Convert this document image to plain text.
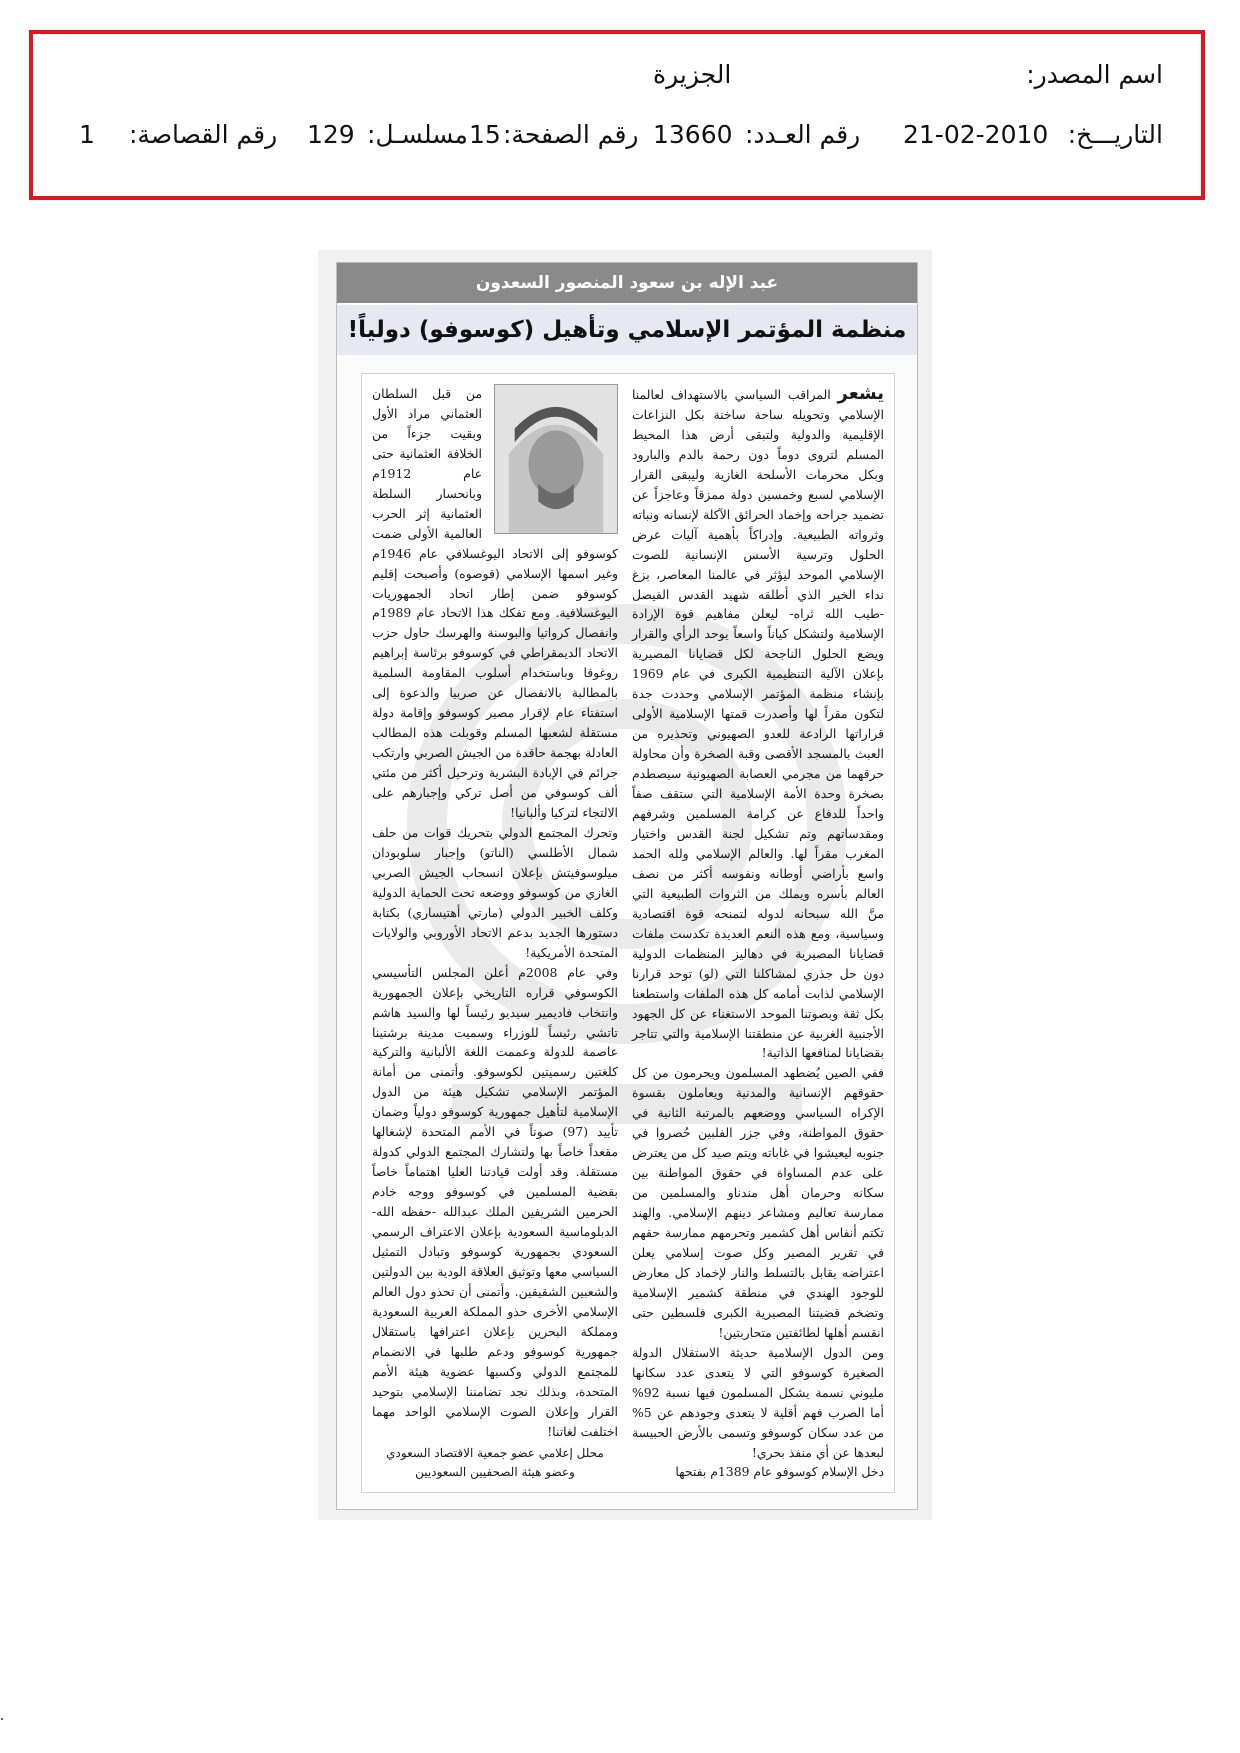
اسم المصدر:
الجزيرة
التاريـــخ:
21-02-2010
رقم العـدد:
13660
رقم الصفحة:
15
مسلسـل:
129
رقم القصاصة:
1
عبد الإله بن سعود المنصور السعدون
منظمة المؤتمر الإسلامي وتأهيل (كوسوفو) دولياً!

يشعر المراقب السياسي بالاستهداف لعالمنا الإسلامي وتحويله ساحة ساخنة بكل النزاعات الإقليمية والدولية ولتبقى أرض هذا المحيط المسلم لتروى دوماً دون رحمة بالدم والبارود وبكل محرمات الأسلحة الغازية وليبقى القرار الإسلامي لسبع وخمسين دولة ممزقاً وعاجزاً عن تضميد جراحه وإخماد الحرائق الآكلة لإنسانه ونباته وثرواته الطبيعية. وإدراكاً بأهمية آليات عرض الحلول وترسية الأسس الإنسانية للصوت الإسلامي الموحد ليؤثر في عالمنا المعاصر، بزغ نداء الخير الذي أطلقه شهيد القدس الفيصل -طيب الله ثراه- ليعلن مفاهيم قوة الإرادة الإسلامية ولتشكل كياناً واسعاً يوحد الرأي والقرار ويضع الحلول الناجحة لكل قضايانا المصيرية بإعلان الآلية التنظيمية الكبرى في عام 1969 بإنشاء منظمة المؤتمر الإسلامي وحددت جدة لتكون مقراً لها وأصدرت قمتها الإسلامية الأولى قراراتها الرادعة للعدو الصهيوني وتحذيره من العبث بالمسجد الأقصى وقبة الصخرة وأن محاولة حرقهما من مجرمي العصابة الصهيونية سيصطدم بصخرة وحدة الأمة الإسلامية التي ستقف صفاً واحداً للدفاع عن كرامة المسلمين وشرفهم ومقدساتهم وتم تشكيل لجنة القدس واختيار المغرب مقراً لها. والعالم الإسلامي ولله الحمد واسع بأراضي أوطانه ونفوسه أكثر من نصف العالم بأسره ويملك من الثروات الطبيعية التي منَّ الله سبحانه لدوله لتمنحه قوة اقتصادية وسياسية، ومع هذه النعم العديدة تكدست ملفات قضايانا المصيرية في دهاليز المنظمات الدولية دون حل جذري لمشاكلنا التي (لو) توحد قرارنا الإسلامي لذابت أمامه كل هذه الملفات واستطعنا بكل ثقة وبصوتنا الموحد الاستغناء عن كل الجهود الأجنبية الغربية عن منطقتنا الإسلامية والتي تتاجر بقضايانا لمنافعها الذاتية!

ففي الصين يُضطهد المسلمون ويحرمون من كل حقوقهم الإنسانية والمدنية ويعاملون بقسوة الإكراه السياسي ووضعهم بالمرتبة الثانية في حقوق المواطنة، وفي جزر الفلبين حُصروا في جنوبه ليعيشوا في غاباته ويتم صيد كل من يعترض على عدم المساواة في حقوق المواطنة بين سكانه وحرمان أهل مندناو والمسلمين من ممارسة تعاليم ومشاعر دينهم الإسلامي. والهند تكتم أنفاس أهل كشمير وتحرمهم ممارسة حقهم في تقرير المصير وكل صوت إسلامي يعلن اعتراضه يقابل بالتسلط والنار لإخماد كل معارض للوجود الهندي في منطقة كشمير الإسلامية وتضخم قضيتنا المصيرية الكبرى فلسطين حتى انقسم أهلها لطائفتين متحاربتين!

ومن الدول الإسلامية حديثة الاستقلال الدولة الصغيرة كوسوفو التي لا يتعدى عدد سكانها مليوني نسمة يشكل المسلمون فيها نسبة 92% أما الصرب فهم أقلية لا يتعدى وجودهم عن 5% من عدد سكان كوسوفو وتسمى بالأرض الحبيسة لبعدها عن أي منفذ بحري!

دخل الإسلام كوسوفو عام 1389م بفتحها

من قبل السلطان العثماني مراد الأول وبقيت جزءاً من الخلافة العثمانية حتى عام 1912م وبانحسار السلطة العثمانية إثر الحرب العالمية الأولى ضمت كوسوفو إلى الاتحاد اليوغسلافي عام 1946م وغير اسمها الإسلامي (قوصوه) وأصبحت إقليم كوسوفو ضمن إطار اتحاد الجمهوريات اليوغسلافية. ومع تفكك هذا الاتحاد عام 1989م وانفصال كرواتيا والبوسنة والهرسك حاول حزب الاتحاد الديمقراطي في كوسوفو برئاسة إبراهيم روغوفا وباستخدام أسلوب المقاومة السلمية بالمطالبة بالانفصال عن صربيا والدعوة إلى استفتاء عام لإقرار مصير كوسوفو وإقامة دولة مستقلة لشعبها المسلم وقوبلت هذه المطالب العادلة بهجمة حاقدة من الجيش الصربي وارتكب جرائم في الإبادة البشرية وترحيل أكثر من مئتي ألف كوسوفي من أصل تركي وإجبارهم على الالتجاء لتركيا وألبانيا!

وتحرك المجتمع الدولي بتحريك قوات من حلف شمال الأطلسي (الناتو) وإجبار سلوبودان ميلوسوفيتش بإعلان انسحاب الجيش الصربي الغازي من كوسوفو ووضعه تحت الحماية الدولية وكلف الخبير الدولي (مارتي أهتيساري) بكتابة دستورها الجديد بدعم الاتحاد الأوروبي والولايات المتحدة الأمريكية!

وفي عام 2008م أعلن المجلس التأسيسي الكوسوفي قراره التاريخي بإعلان الجمهورية وانتخاب فاديمير سيديو رئيساً لها والسيد هاشم تاتشي رئيساً للوزراء وسميت مدينة برشتينا عاصمة للدولة وعممت اللغة الألبانية والتركية كلغتين رسميتين لكوسوفو. وأتمنى من أمانة المؤتمر الإسلامي تشكيل هيئة من الدول الإسلامية لتأهيل جمهورية كوسوفو دولياً وضمان تأييد (97) صوتاً في الأمم المتحدة لإشغالها مقعداً خاصاً بها ولتشارك المجتمع الدولي كدولة مستقلة. وقد أولت قيادتنا العليا اهتماماً خاصاً بقضية المسلمين في كوسوفو ووجه خادم الحرمين الشريفين الملك عبدالله -حفظه الله- الدبلوماسية السعودية بإعلان الاعتراف الرسمي السعودي بجمهورية كوسوفو وتبادل التمثيل السياسي معها وتوثيق العلاقة الودية بين الدولتين والشعبين الشقيقين. وأتمنى أن تحذو دول العالم الإسلامي الأخرى حذو المملكة العربية السعودية ومملكة البحرين بإعلان اعترافها باستقلال جمهورية كوسوفو ودعم طلبها في الانضمام للمجتمع الدولي وكسبها عضوية هيئة الأمم المتحدة، وبذلك نجد تضامننا الإسلامي بتوحيد القرار وإعلان الصوت الإسلامي الواحد مهما اختلفت لغاتنا!

محلل إعلامي عضو جمعية الاقتصاد السعودي
وعضو هيئة الصحفيين السعوديين
